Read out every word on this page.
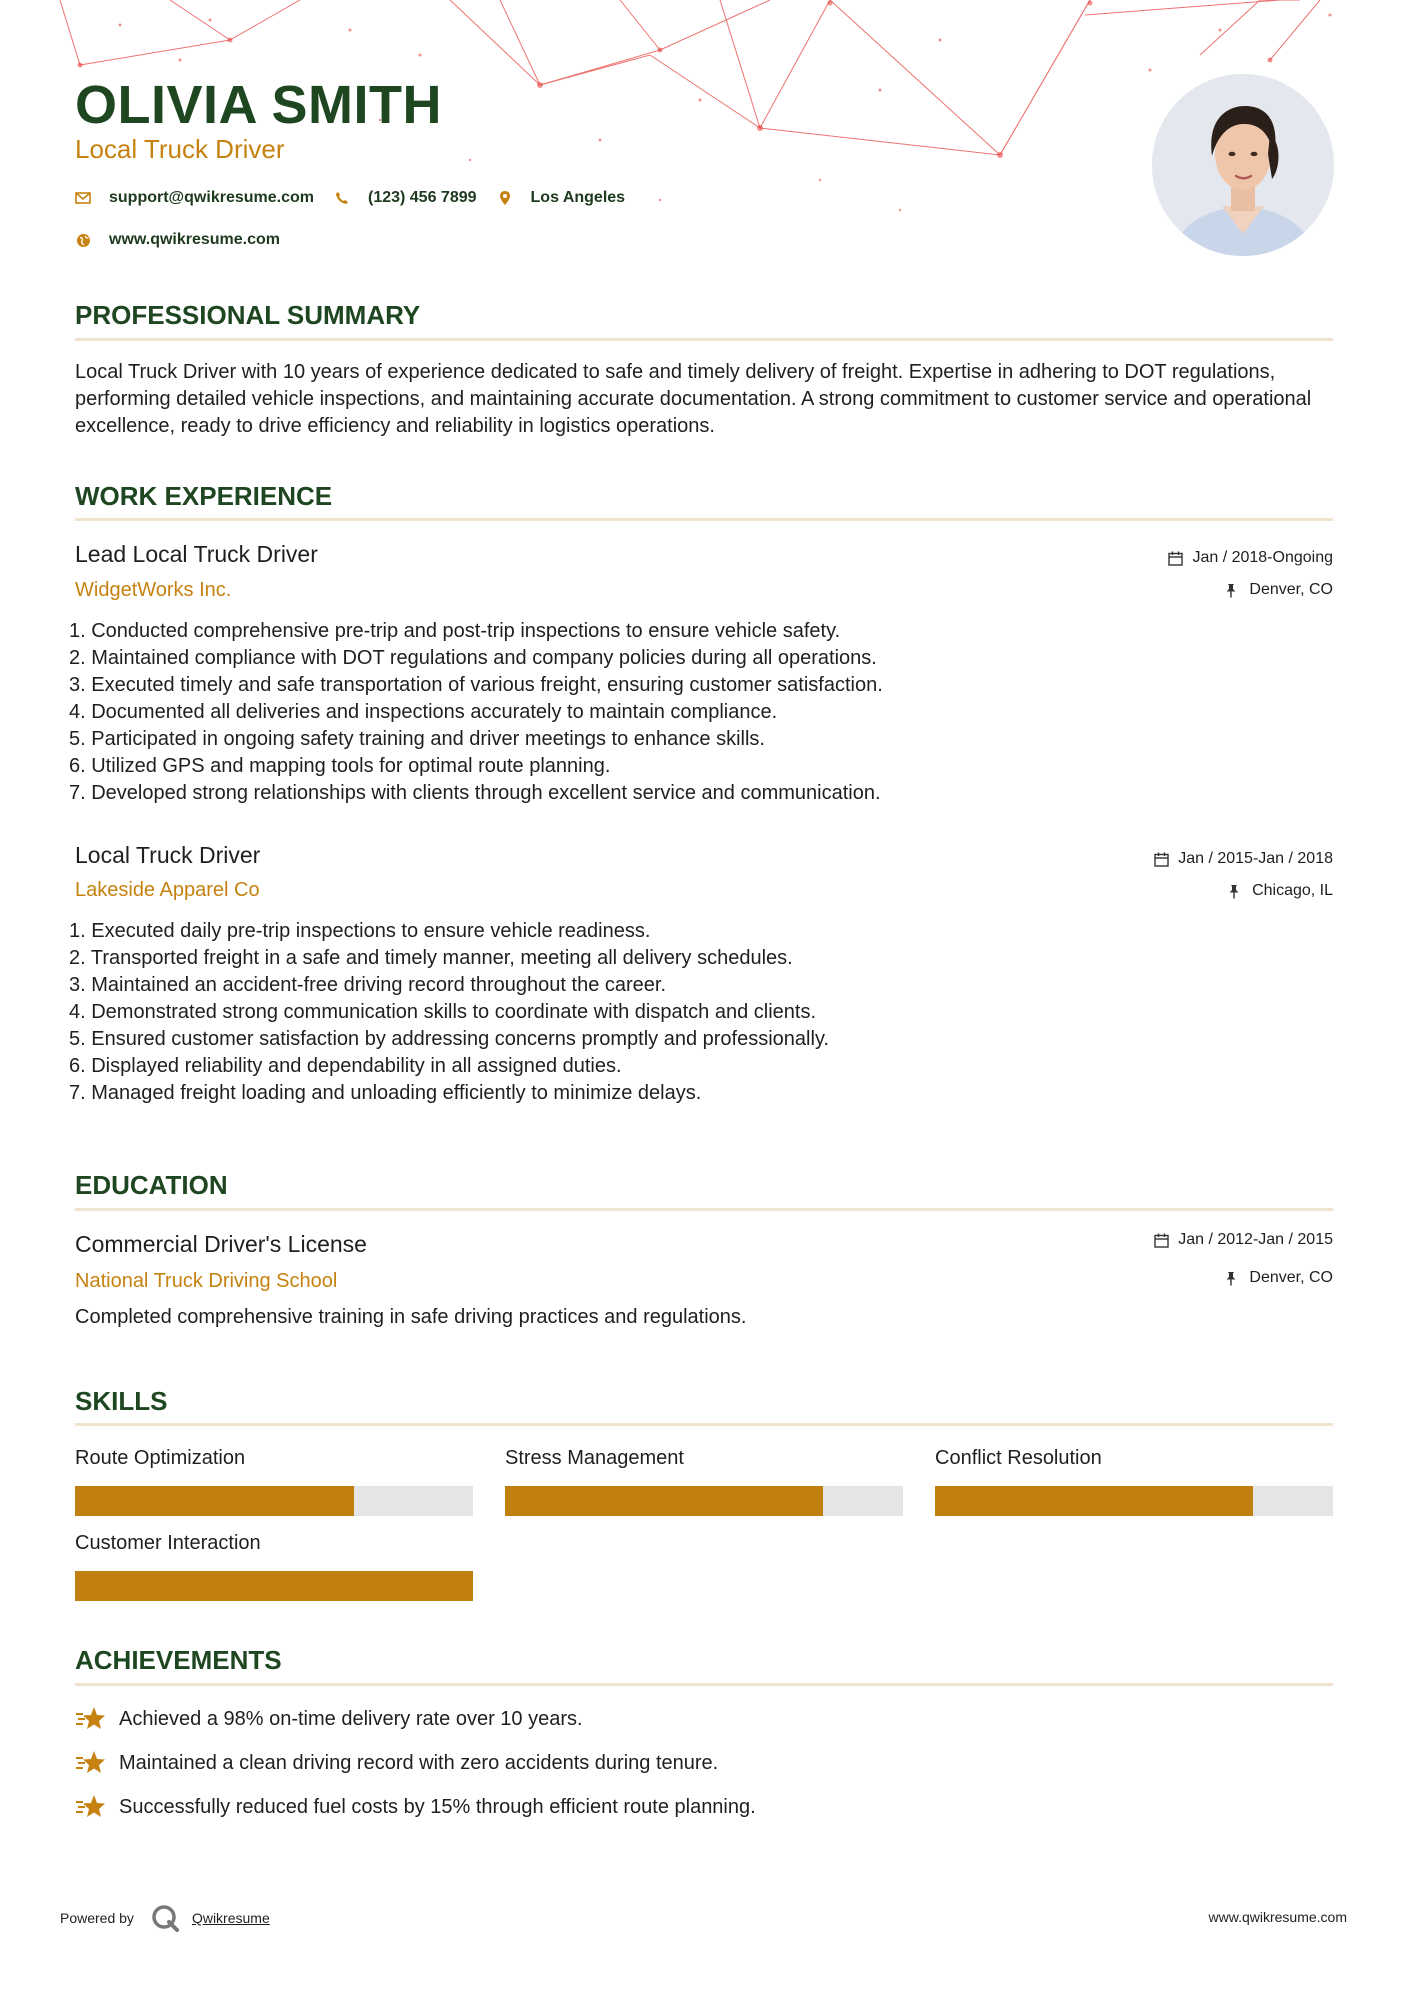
OLIVIA SMITH

Local Truck Driver

support@qwikresume.com	(123) 456 7899	Los Angeles
www.qwikresume.com
PROFESSIONAL SUMMARY

Local Truck Driver with 10 years of experience dedicated to safe and timely delivery of freight. Expertise in adhering to DOT regulations, performing detailed vehicle inspections, and maintaining accurate documentation. A strong commitment to customer service and operational excellence, ready to drive efficiency and reliability in logistics operations.

WORK EXPERIENCE

Lead Local Truck Driver

WidgetWorks Inc.

Jan / 2018-Ongoing
Denver, CO
1. Conducted comprehensive pre-trip and post-trip inspections to ensure vehicle safety.
2. Maintained compliance with DOT regulations and company policies during all operations.
3. Executed timely and safe transportation of various freight, ensuring customer satisfaction.
4. Documented all deliveries and inspections accurately to maintain compliance.
5. Participated in ongoing safety training and driver meetings to enhance skills.
6. Utilized GPS and mapping tools for optimal route planning.
7. Developed strong relationships with clients through excellent service and communication.

Local Truck Driver

Lakeside Apparel Co

Jan / 2015-Jan / 2018
Chicago, IL
1. Executed daily pre-trip inspections to ensure vehicle readiness.
2. Transported freight in a safe and timely manner, meeting all delivery schedules.
3. Maintained an accident-free driving record throughout the career.
4. Demonstrated strong communication skills to coordinate with dispatch and clients.
5. Ensured customer satisfaction by addressing concerns promptly and professionally.
6. Displayed reliability and dependability in all assigned duties.
7. Managed freight loading and unloading efficiently to minimize delays.
EDUCATION

Commercial Driver's License

National Truck Driving School

Jan / 2012-Jan / 2015
Denver, CO

Completed comprehensive training in safe driving practices and regulations.

SKILLS

Route Optimization	Stress Management	Conflict Resolution

Customer Interaction

ACHIEVEMENTS
Achieved a 98% on-time delivery rate over 10 years.
Maintained a clean driving record with zero accidents during tenure.
Successfully reduced fuel costs by 15% through efficient route planning.
Powered by	Qwikresume	www.qwikresume.com
